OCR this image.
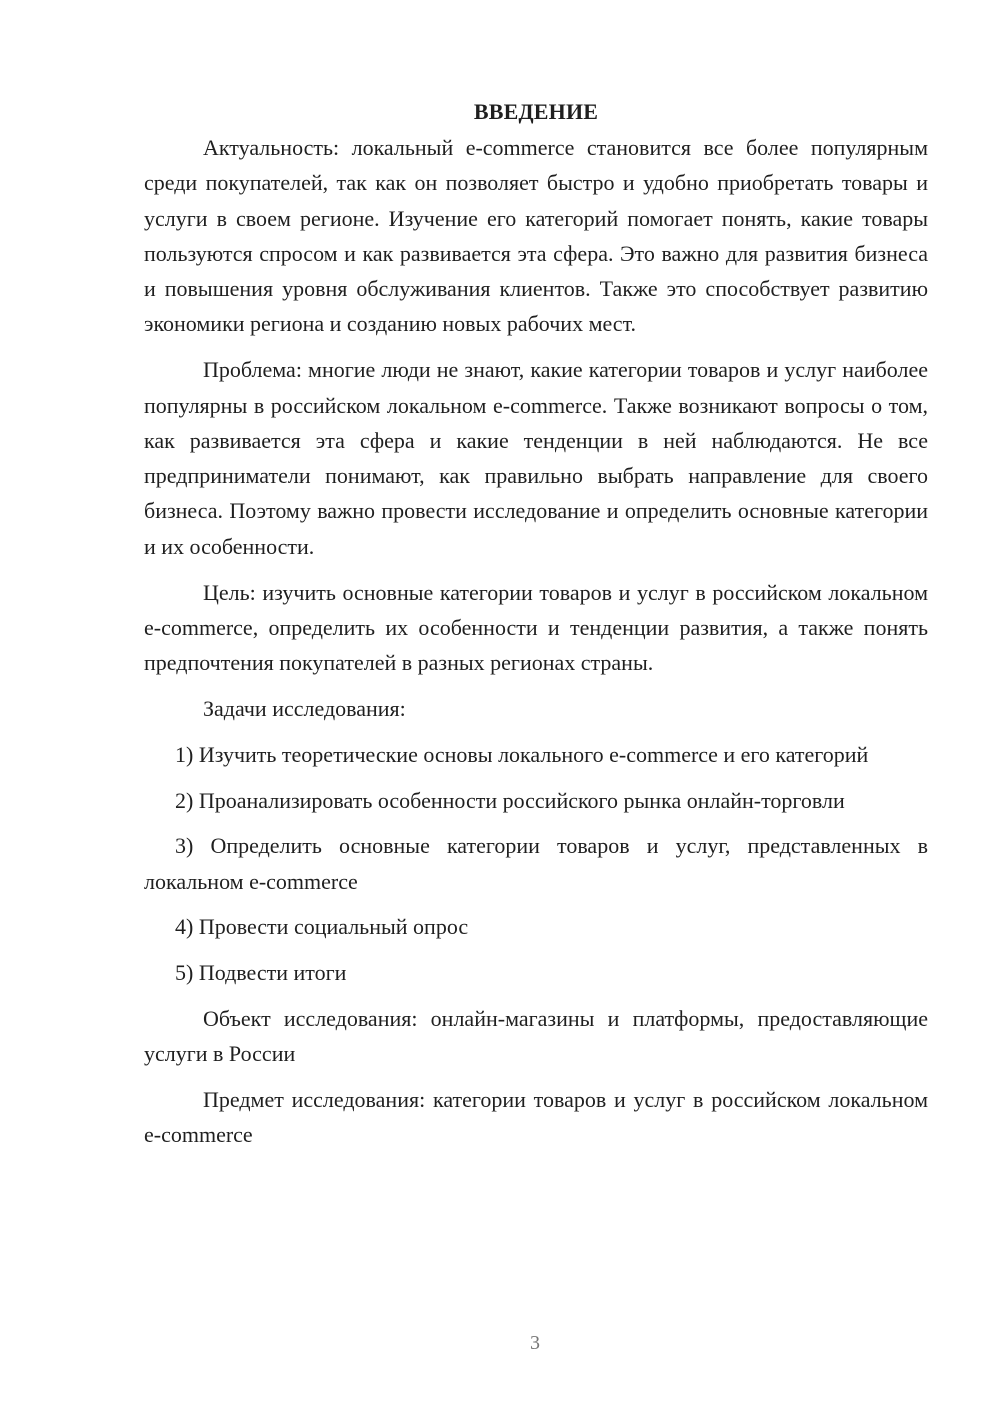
ВВЕДЕНИЕ

Актуальность: локальный e-commerce становится все более популярным среди покупателей, так как он позволяет быстро и удобно приобретать товары и услуги в своем регионе. Изучение его категорий помогает понять, какие товары пользуются спросом и как развивается эта сфера. Это важно для развития бизнеса и повышения уровня обслуживания клиентов. Также это способствует развитию экономики региона и созданию новых рабочих мест.

Проблема: многие люди не знают, какие категории товаров и услуг наиболее популярны в российском локальном e-commerce. Также возникают вопросы о том, как развивается эта сфера и какие тенденции в ней наблюдаются. Не все предприниматели понимают, как правильно выбрать направление для своего бизнеса. Поэтому важно провести исследование и определить основные категории и их особенности.

Цель: изучить основные категории товаров и услуг в российском локальном e-commerce, определить их особенности и тенденции развития, а также понять предпочтения покупателей в разных регионах страны.

Задачи исследования:

1) Изучить теоретические основы локального e-commerce и его категорий

2) Проанализировать особенности российского рынка онлайн-торговли

3) Определить основные категории товаров и услуг, представленных в локальном e-commerce

4) Провести социальный опрос

5) Подвести итоги

Объект исследования: онлайн-магазины и платформы, предоставляющие услуги в России

Предмет исследования: категории товаров и услуг в российском локальном e-commerce

3
